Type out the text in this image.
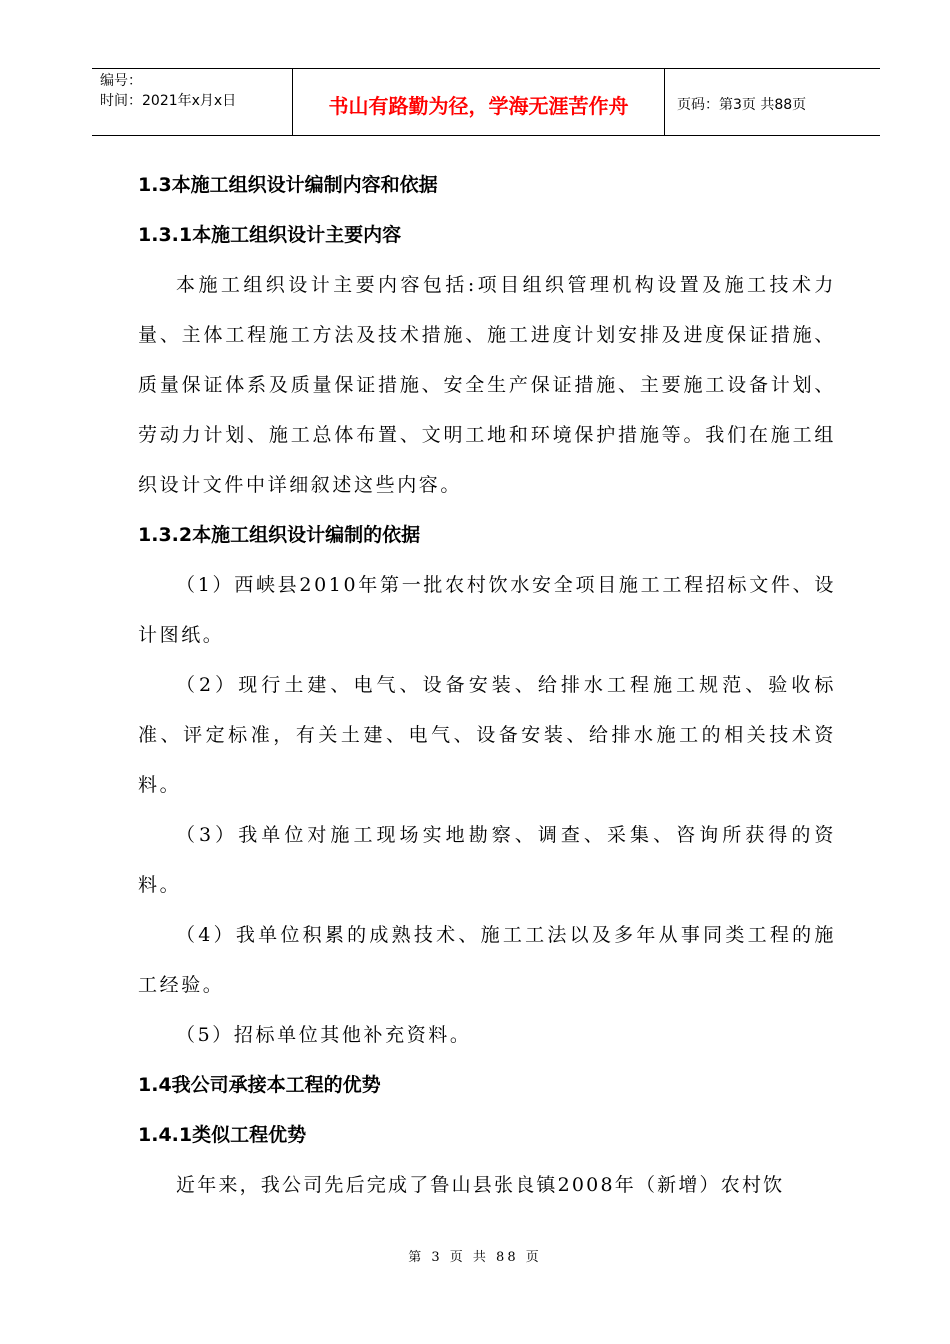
编号：
时间：2021年x月x日	书山有路勤为径，学海无涯苦作舟	页码：第3页 共88页
1.3本施工组织设计编制内容和依据
1.3.1本施工组织设计主要内容

本施工组织设计主要内容包括:项目组织管理机构设置及施工技术力量、主体工程施工方法及技术措施、施工进度计划安排及进度保证措施、质量保证体系及质量保证措施、安全生产保证措施、主要施工设备计划、劳动力计划、施工总体布置、文明工地和环境保护措施等。我们在施工组织设计文件中详细叙述这些内容。

1.3.2本施工组织设计编制的依据

（1）西峡县2010年第一批农村饮水安全项目施工工程招标文件、设计图纸。

（2）现行土建、电气、设备安装、给排水工程施工规范、验收标准、评定标准，有关土建、电气、设备安装、给排水施工的相关技术资料。

（3）我单位对施工现场实地勘察、调查、采集、咨询所获得的资料。

（4）我单位积累的成熟技术、施工工法以及多年从事同类工程的施工经验。

（5）招标单位其他补充资料。

1.4我公司承接本工程的优势
1.4.1类似工程优势

近年来，我公司先后完成了鲁山县张良镇2008年（新增）农村饮

第 3 页 共 88 页
